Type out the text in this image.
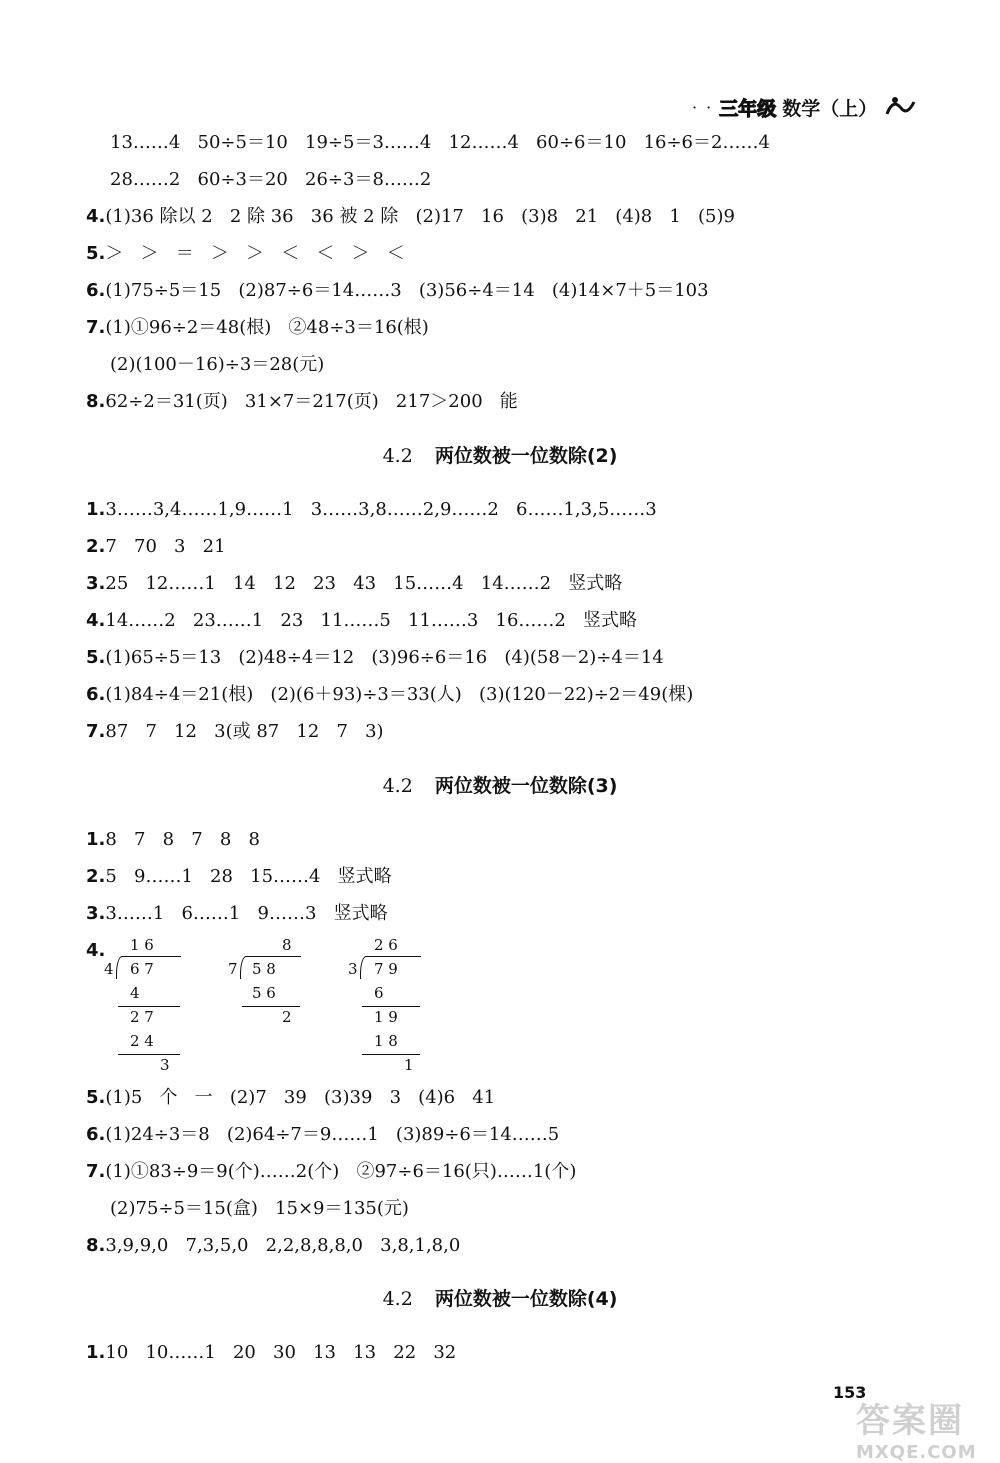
· · 三年级 数学（上）
13……4   50÷5＝10   19÷5＝3……4   12……4   60÷6＝10   16÷6＝2……4
28……2   60÷3＝20   26÷3＝8……2
4.(1)36 除以 2   2 除 36   36 被 2 除   (2)17   16   (3)8   21   (4)8   1   (5)9
5.＞   ＞   ＝   ＞   ＞   ＜   ＜   ＞   ＜
6.(1)75÷5＝15   (2)87÷6＝14……3   (3)56÷4＝14   (4)14×7＋5＝103
7.(1)①96÷2＝48(根)   ②48÷3＝16(根)
(2)(100－16)÷3＝28(元)
8.62÷2＝31(页)   31×7＝217(页)   217＞200   能
4.2 两位数被一位数除(2)
1.3……3,4……1,9……1   3……3,8……2,9……2   6……1,3,5……3
2.7   70   3   21
3.25   12……1   14   12   23   43   15……4   14……2   竖式略
4.14……2   23……1   23   11……5   11……3   16……2   竖式略
5.(1)65÷5＝13   (2)48÷4＝12   (3)96÷6＝16   (4)(58－2)÷4＝14
6.(1)84÷4＝21(根)   (2)(6＋93)÷3＝33(人)   (3)(120－22)÷2＝49(棵)
7.87   7   12   3(或 87   12   7   3)
4.2 两位数被一位数除(3)
1.8   7   8   7   8   8
2.5   9……1   28   15……4   竖式略
3.3……1   6……1   9……3   竖式略
4. 1 6
4 6 7
4
2 7
2 4
3
8
7 5 8
5 6
2
2 6
3 7 9
6
1 9
1 8
1
5.(1)5   个   一   (2)7   39   (3)39   3   (4)6   41
6.(1)24÷3＝8   (2)64÷7＝9……1   (3)89÷6＝14……5
7.(1)①83÷9＝9(个)……2(个)   ②97÷6＝16(只)……1(个)
(2)75÷5＝15(盒)   15×9＝135(元)
8.3,9,9,0   7,3,5,0   2,2,8,8,8,0   3,8,1,8,0
4.2 两位数被一位数除(4)
1.10   10……1   20   30   13   13   22   32
153
答案圈
MXQE.COM
